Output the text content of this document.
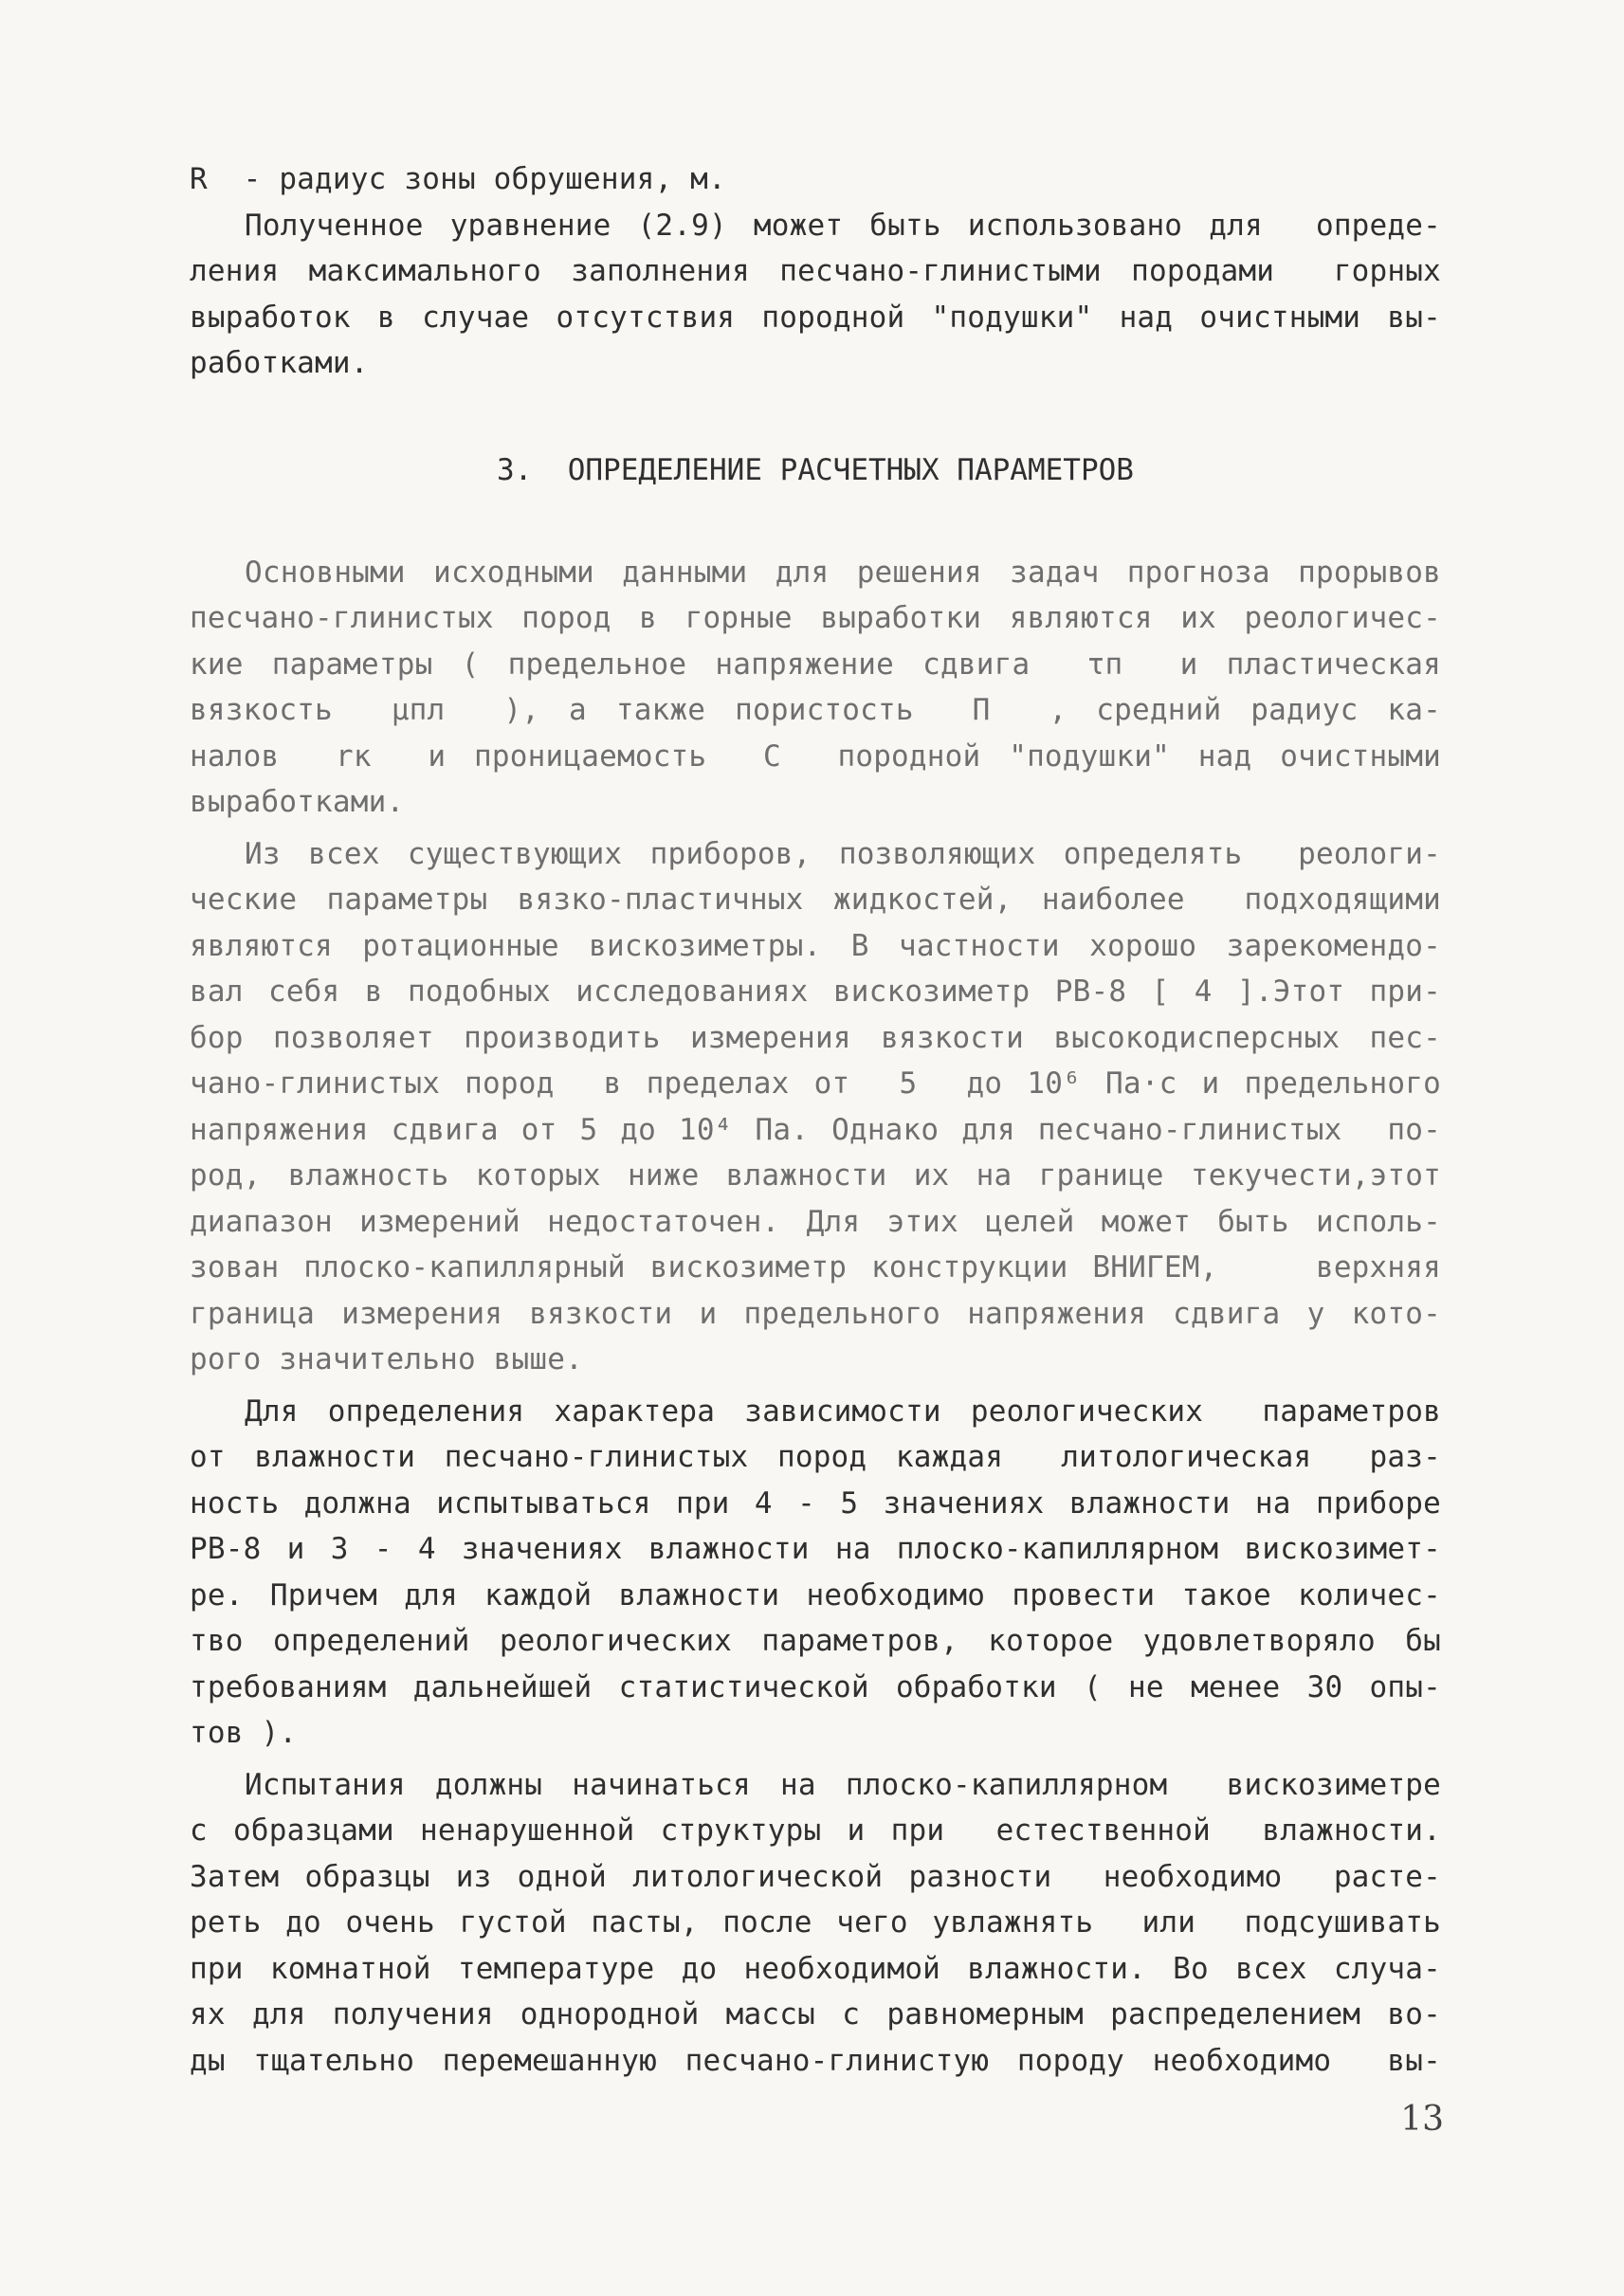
R  - радиус зоны обрушения, м.
Полученное уравнение (2.9) может быть использовано для  опреде-
ления максимального заполнения песчано-глинистыми породами  горных
выработок в случае отсутствия породной "подушки" над очистными вы-
работками.
3.  ОПРЕДЕЛЕНИЕ РАСЧЕТНЫХ ПАРАМЕТРОВ
Основными исходными данными для решения задач прогноза прорывов
песчано-глинистых пород в горные выработки являются их реологичес-
кие параметры ( предельное напряжение сдвига  τп  и пластическая
вязкость  μпл  ), а также пористость  П  , средний радиус ка-
налов  rк  и проницаемость  С  породной "подушки" над очистными
выработками.
Из всех существующих приборов, позволяющих определять  реологи-
ческие параметры вязко-пластичных жидкостей, наиболее  подходящими
являются ротационные вискозиметры. В частности хорошо зарекомендо-
вал себя в подобных исследованиях вискозиметр РВ-8 [ 4 ].Этот при-
бор позволяет производить измерения вязкости высокодисперсных пес-
чано-глинистых пород  в пределах от  5  до 10⁶ Па·с и предельного
напряжения сдвига от 5 до 10⁴ Па. Однако для песчано-глинистых  по-
род, влажность которых ниже влажности их на границе текучести,этот
диапазон измерений недостаточен. Для этих целей может быть исполь-
зован плоско-капиллярный вискозиметр конструкции ВНИГЕМ,    верхняя
граница измерения вязкости и предельного напряжения сдвига у кото-
рого значительно выше.
Для определения характера зависимости реологических  параметров
от влажности песчано-глинистых пород каждая  литологическая  раз-
ность должна испытываться при 4 - 5 значениях влажности на приборе
РВ-8 и 3 - 4 значениях влажности на плоско-капиллярном вискозимет-
ре. Причем для каждой влажности необходимо провести такое количес-
тво определений реологических параметров, которое удовлетворяло бы
требованиям дальнейшей статистической обработки ( не менее 30 опы-
тов ).
Испытания должны начинаться на плоско-капиллярном  вискозиметре
с образцами ненарушенной структуры и при  естественной  влажности.
Затем образцы из одной литологической разности  необходимо  расте-
реть до очень густой пасты, после чего увлажнять  или  подсушивать
при комнатной температуре до необходимой влажности. Во всех случа-
ях для получения однородной массы с равномерным распределением во-
ды тщательно перемешанную песчано-глинистую породу необходимо  вы-
13
